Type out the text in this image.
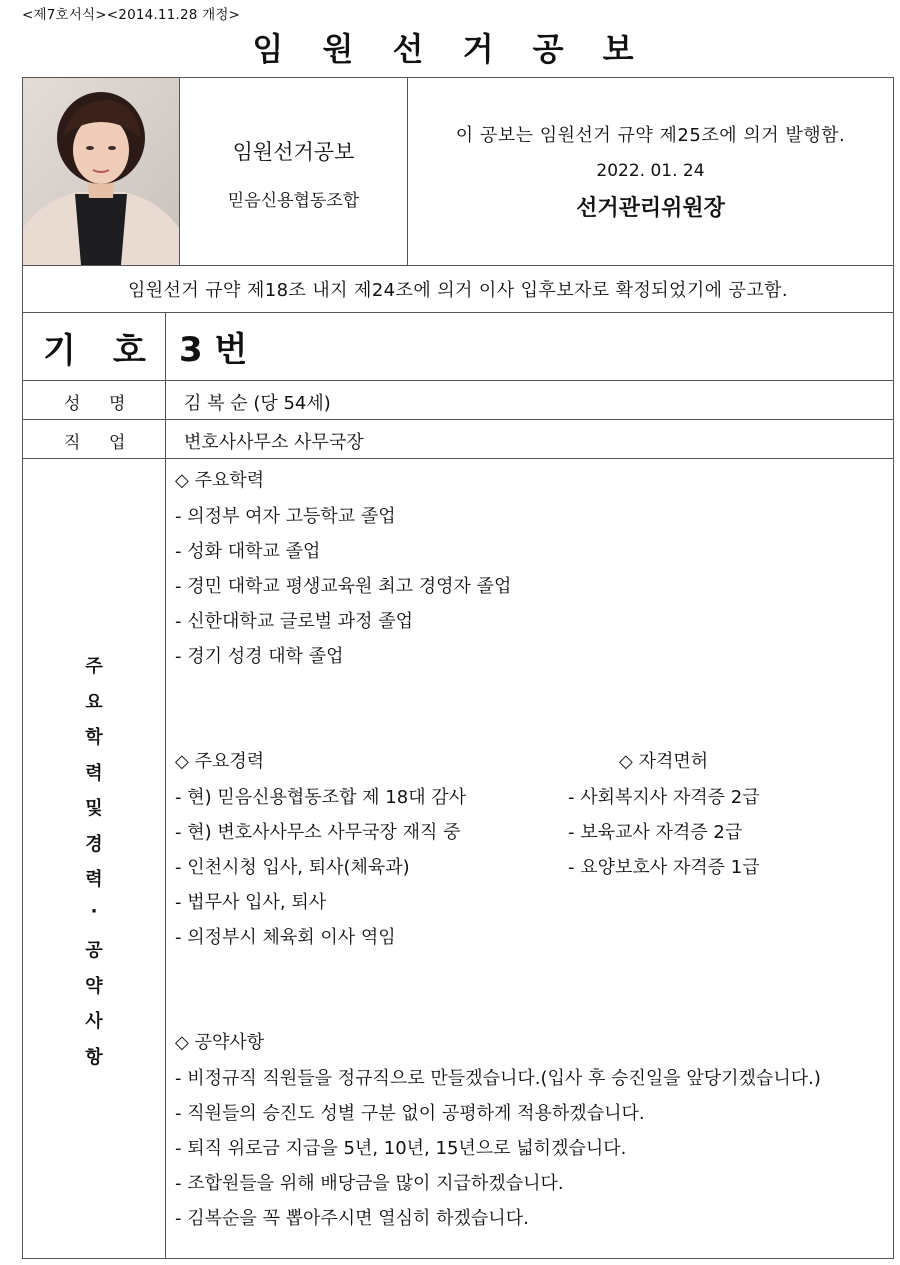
<제7호서식><2014.11.28 개정>
임 원 선 거 공 보
임원선거공보
믿음신용협동조합
이 공보는 임원선거 규약 제25조에 의거 발행함.
2022. 01. 24
선거관리위원장
임원선거 규약 제18조 내지 제24조에 의거 이사 입후보자로 확정되었기에 공고함.
기 호 3 번
성 명	김 복 순 (당 54세)
직 업	변호사사무소 사무국장
주
요
학
력
및
경
력
·
공
약
사
항
◇ 주요학력
- 의정부 여자 고등학교 졸업
- 성화 대학교 졸업
- 경민 대학교 평생교육원 최고 경영자 졸업
- 신한대학교 글로벌 과정 졸업
- 경기 성경 대학 졸업
◇ 주요경력
- 현) 믿음신용협동조합 제 18대 감사
- 현) 변호사사무소 사무국장 재직 중
- 인천시청 입사, 퇴사(체육과)
- 법무사 입사, 퇴사
- 의정부시 체육회 이사 역임
◇ 자격면허
- 사회복지사 자격증 2급
- 보육교사 자격증 2급
- 요양보호사 자격증 1급
◇ 공약사항
- 비정규직 직원들을 정규직으로 만들겠습니다.(입사 후 승진일을 앞당기겠습니다.)
- 직원들의 승진도 성별 구분 없이 공평하게 적용하겠습니다.
- 퇴직 위로금 지급을 5년, 10년, 15년으로 넓히겠습니다.
- 조합원들을 위해 배당금을 많이 지급하겠습니다.
- 김복순을 꼭 뽑아주시면 열심히 하겠습니다.
